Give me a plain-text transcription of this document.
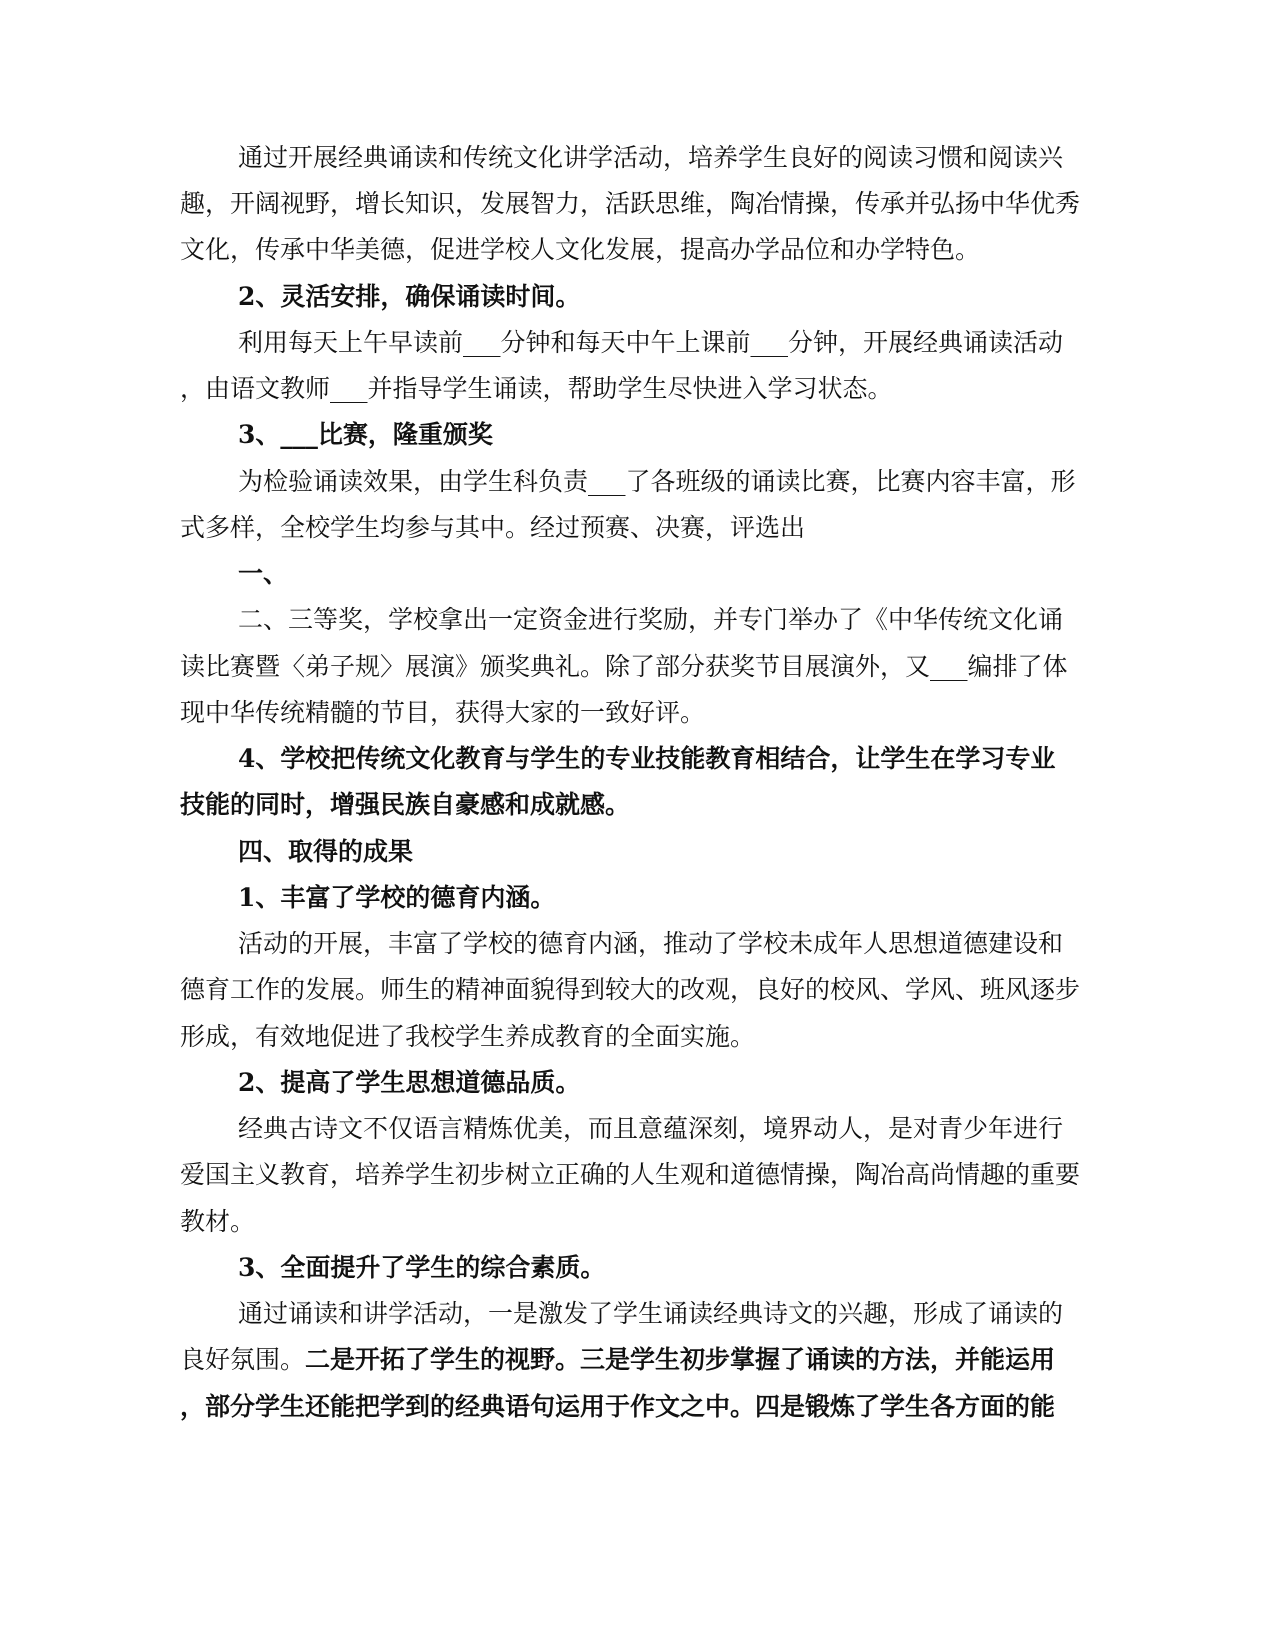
通过开展经典诵读和传统文化讲学活动，培养学生良好的阅读习惯和阅读兴
趣，开阔视野，增长知识，发展智力，活跃思维，陶冶情操，传承并弘扬中华优秀
文化，传承中华美德，促进学校人文化发展，提高办学品位和办学特色。
2、灵活安排，确保诵读时间。
利用每天上午早读前___分钟和每天中午上课前___分钟，开展经典诵读活动
，由语文教师___并指导学生诵读，帮助学生尽快进入学习状态。
3、___比赛，隆重颁奖
为检验诵读效果，由学生科负责___了各班级的诵读比赛，比赛内容丰富，形
式多样，全校学生均参与其中。经过预赛、决赛，评选出
一、
二、三等奖，学校拿出一定资金进行奖励，并专门举办了《中华传统文化诵
读比赛暨〈弟子规〉展演》颁奖典礼。除了部分获奖节目展演外，又___编排了体
现中华传统精髓的节目，获得大家的一致好评。
4、学校把传统文化教育与学生的专业技能教育相结合，让学生在学习专业
技能的同时，增强民族自豪感和成就感。
四、取得的成果
1、丰富了学校的德育内涵。
活动的开展，丰富了学校的德育内涵，推动了学校未成年人思想道德建设和
德育工作的发展。师生的精神面貌得到较大的改观，良好的校风、学风、班风逐步
形成，有效地促进了我校学生养成教育的全面实施。
2、提高了学生思想道德品质。
经典古诗文不仅语言精炼优美，而且意蕴深刻，境界动人，是对青少年进行
爱国主义教育，培养学生初步树立正确的人生观和道德情操，陶冶高尚情趣的重要
教材。
3、全面提升了学生的综合素质。
通过诵读和讲学活动，一是激发了学生诵读经典诗文的兴趣，形成了诵读的
良好氛围。二是开拓了学生的视野。三是学生初步掌握了诵读的方法，并能运用
，部分学生还能把学到的经典语句运用于作文之中。四是锻炼了学生各方面的能
